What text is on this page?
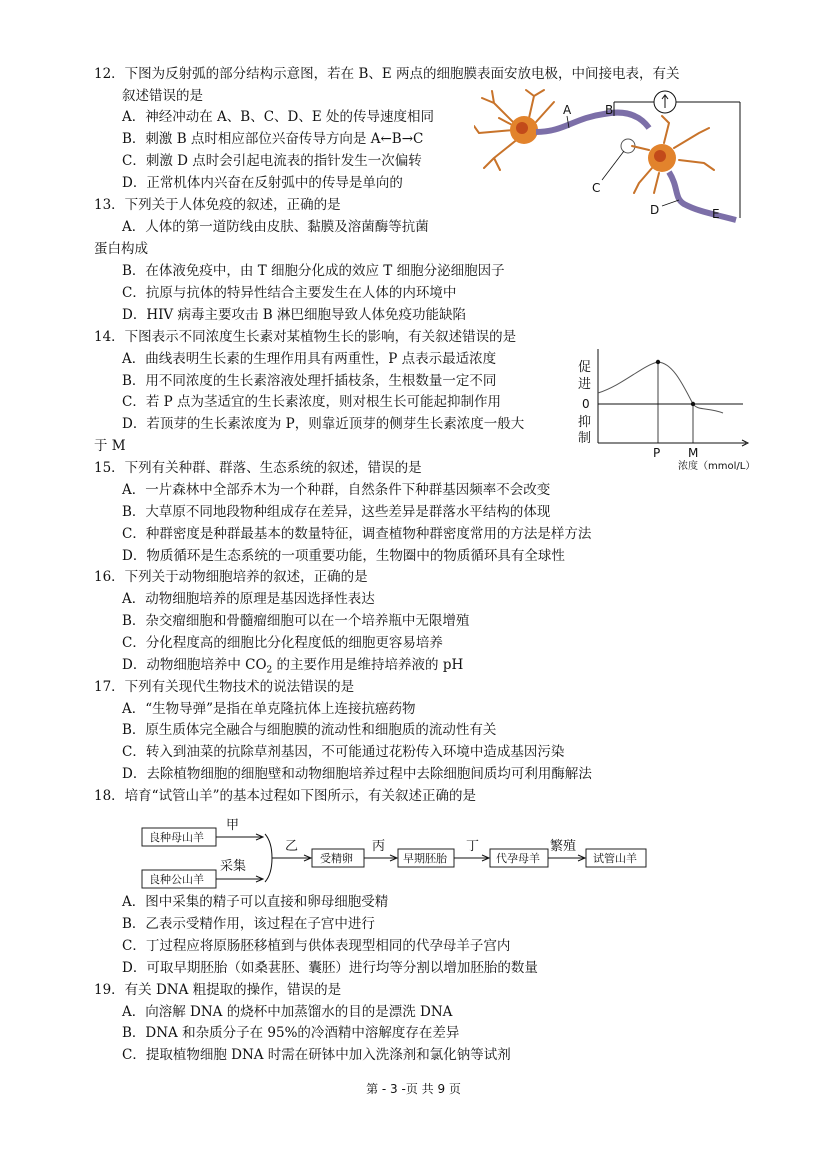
12．下图为反射弧的部分结构示意图，若在 B、E 两点的细胞膜表面安放电极，中间接电表，有关
叙述错误的是
A．神经冲动在 A、B、C、D、E 处的传导速度相同
B．刺激 B 点时相应部位兴奋传导方向是 A←B→C
C．刺激 D 点时会引起电流表的指针发生一次偏转
D．正常机体内兴奋在反射弧中的传导是单向的
A	B
C
D	E
13．下列关于人体免疫的叙述，正确的是
A．人体的第一道防线由皮肤、黏膜及溶菌酶等抗菌
蛋白构成
B．在体液免疫中，由 T 细胞分化成的效应 T 细胞分泌细胞因子
C．抗原与抗体的特异性结合主要发生在人体的内环境中
D．HIV 病毒主要攻击 B 淋巴细胞导致人体免疫功能缺陷
14．下图表示不同浓度生长素对某植物生长的影响，有关叙述错误的是
A．曲线表明生长素的生理作用具有两重性，P 点表示最适浓度
B．用不同浓度的生长素溶液处理扦插枝条，生根数量一定不同
C．若 P 点为茎适宜的生长素浓度，则对根生长可能起抑制作用
D．若顶芽的生长素浓度为 P，则靠近顶芽的侧芽生长素浓度一般大
于 M
促
进
0
抑
制
P M
浓度（mmol/L）
15．下列有关种群、群落、生态系统的叙述，错误的是
A．一片森林中全部乔木为一个种群，自然条件下种群基因频率不会改变
B．大草原不同地段物种组成存在差异，这些差异是群落水平结构的体现
C．种群密度是种群最基本的数量特征，调查植物种群密度常用的方法是样方法
D．物质循环是生态系统的一项重要功能，生物圈中的物质循环具有全球性
16．下列关于动物细胞培养的叙述，正确的是
A．动物细胞培养的原理是基因选择性表达
B．杂交瘤细胞和骨髓瘤细胞可以在一个培养瓶中无限增殖
C．分化程度高的细胞比分化程度低的细胞更容易培养
D．动物细胞培养中 $CO_2$ 的主要作用是维持培养液的 pH
17．下列有关现代生物技术的说法错误的是
A．“生物导弹”是指在单克隆抗体上连接抗癌药物
B．原生质体完全融合与细胞膜的流动性和细胞质的流动性有关
C．转入到油菜的抗除草剂基因，不可能通过花粉传入环境中造成基因污染
D．去除植物细胞的细胞壁和动物细胞培养过程中去除细胞间质均可利用酶解法
18．培育“试管山羊”的基本过程如下图所示，有关叙述正确的是
良种母山羊
良种公山羊
甲
采集
乙
受精卵
丙
早期胚胎
丁
代孕母羊
繁殖
试管山羊
A．图中采集的精子可以直接和卵母细胞受精
B．乙表示受精作用，该过程在子宫中进行
C．丁过程应将原肠胚移植到与供体表现型相同的代孕母羊子宫内
D．可取早期胚胎（如桑葚胚、囊胚）进行均等分割以增加胚胎的数量
19．有关 DNA 粗提取的操作，错误的是
A．向溶解 DNA 的烧杯中加蒸馏水的目的是漂洗 DNA
B．DNA 和杂质分子在 95%的冷酒精中溶解度存在差异
C．提取植物细胞 DNA 时需在研钵中加入洗涤剂和氯化钠等试剂
第 - 3 -页 共 9 页
